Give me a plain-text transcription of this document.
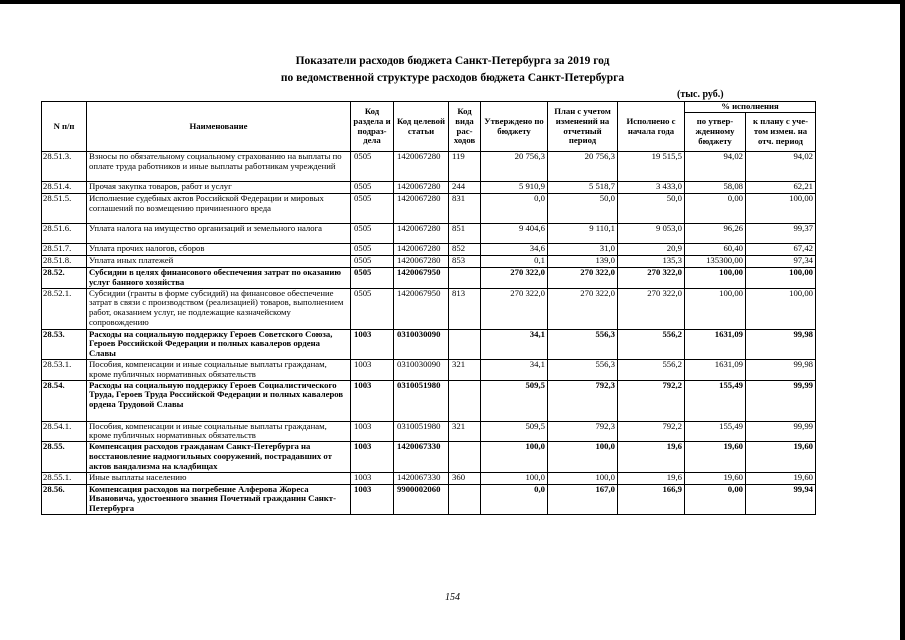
Показатели расходов бюджета Санкт-Петербурга за 2019 год
по ведомственной структуре расходов бюджета Санкт-Петербурга
(тыс. руб.)
N п/п	Наименование	Код раздела и подраз- дела	Код целевой статьи	Код вида рас- ходов	Утверждено по бюджету	План с учетом изменений на отчетный период	Исполнено с начала года	% исполнения	
								по утвер- жденному бюджету	к плану с уче- том измен. на отч. период
28.51.3.	Взносы по обязательному социальному страхованию на выплаты по оплате труда работников и иные выплаты работникам учреждений	0505	1420067280	119	20 756,3	20 756,3	19 515,5	94,02	94,02
28.51.4.	Прочая закупка товаров, работ и услуг	0505	1420067280	244	5 910,9	5 518,7	3 433,0	58,08	62,21
28.51.5.	Исполнение судебных актов Российской Федерации и мировых соглашений по возмещению причиненного вреда	0505	1420067280	831	0,0	50,0	50,0	0,00	100,00
28.51.6.	Уплата налога на имущество организаций и земельного налога	0505	1420067280	851	9 404,6	9 110,1	9 053,0	96,26	99,37
28.51.7.	Уплата прочих налогов, сборов	0505	1420067280	852	34,6	31,0	20,9	60,40	67,42
28.51.8.	Уплата иных платежей	0505	1420067280	853	0,1	139,0	135,3	135300,00	97,34
28.52.	Субсидии в целях финансового обеспечения затрат по оказанию услуг банного хозяйства	0505	1420067950		270 322,0	270 322,0	270 322,0	100,00	100,00
28.52.1.	Субсидии (гранты в форме субсидий) на финансовое обеспечение затрат в связи с производством (реализацией) товаров, выполнением работ, оказанием услуг, не подлежащие казначейскому сопровождению	0505	1420067950	813	270 322,0	270 322,0	270 322,0	100,00	100,00
28.53.	Расходы на социальную поддержку Героев Советского Союза, Героев Российской Федерации и полных кавалеров ордена Славы	1003	0310030090		34,1	556,3	556,2	1631,09	99,98
28.53.1.	Пособия, компенсации и иные социальные выплаты гражданам, кроме публичных нормативных обязательств	1003	0310030090	321	34,1	556,3	556,2	1631,09	99,98
28.54.	Расходы на социальную поддержку Героев Социалистического Труда, Героев Труда Российской Федерации и полных кавалеров ордена Трудовой Славы	1003	0310051980		509,5	792,3	792,2	155,49	99,99
28.54.1.	Пособия, компенсации и иные социальные выплаты гражданам, кроме публичных нормативных обязательств	1003	0310051980	321	509,5	792,3	792,2	155,49	99,99
28.55.	Компенсация расходов гражданам Санкт-Петербурга на восстановление надмогильных сооружений, пострадавших от актов вандализма на кладбищах	1003	1420067330		100,0	100,0	19,6	19,60	19,60
28.55.1.	Иные выплаты населению	1003	1420067330	360	100,0	100,0	19,6	19,60	19,60
28.56.	Компенсация расходов на погребение Алферова Жореса Ивановича, удостоенного звания Почетный гражданин Санкт-Петербурга	1003	9900002060		0,0	167,0	166,9	0,00	99,94
154
